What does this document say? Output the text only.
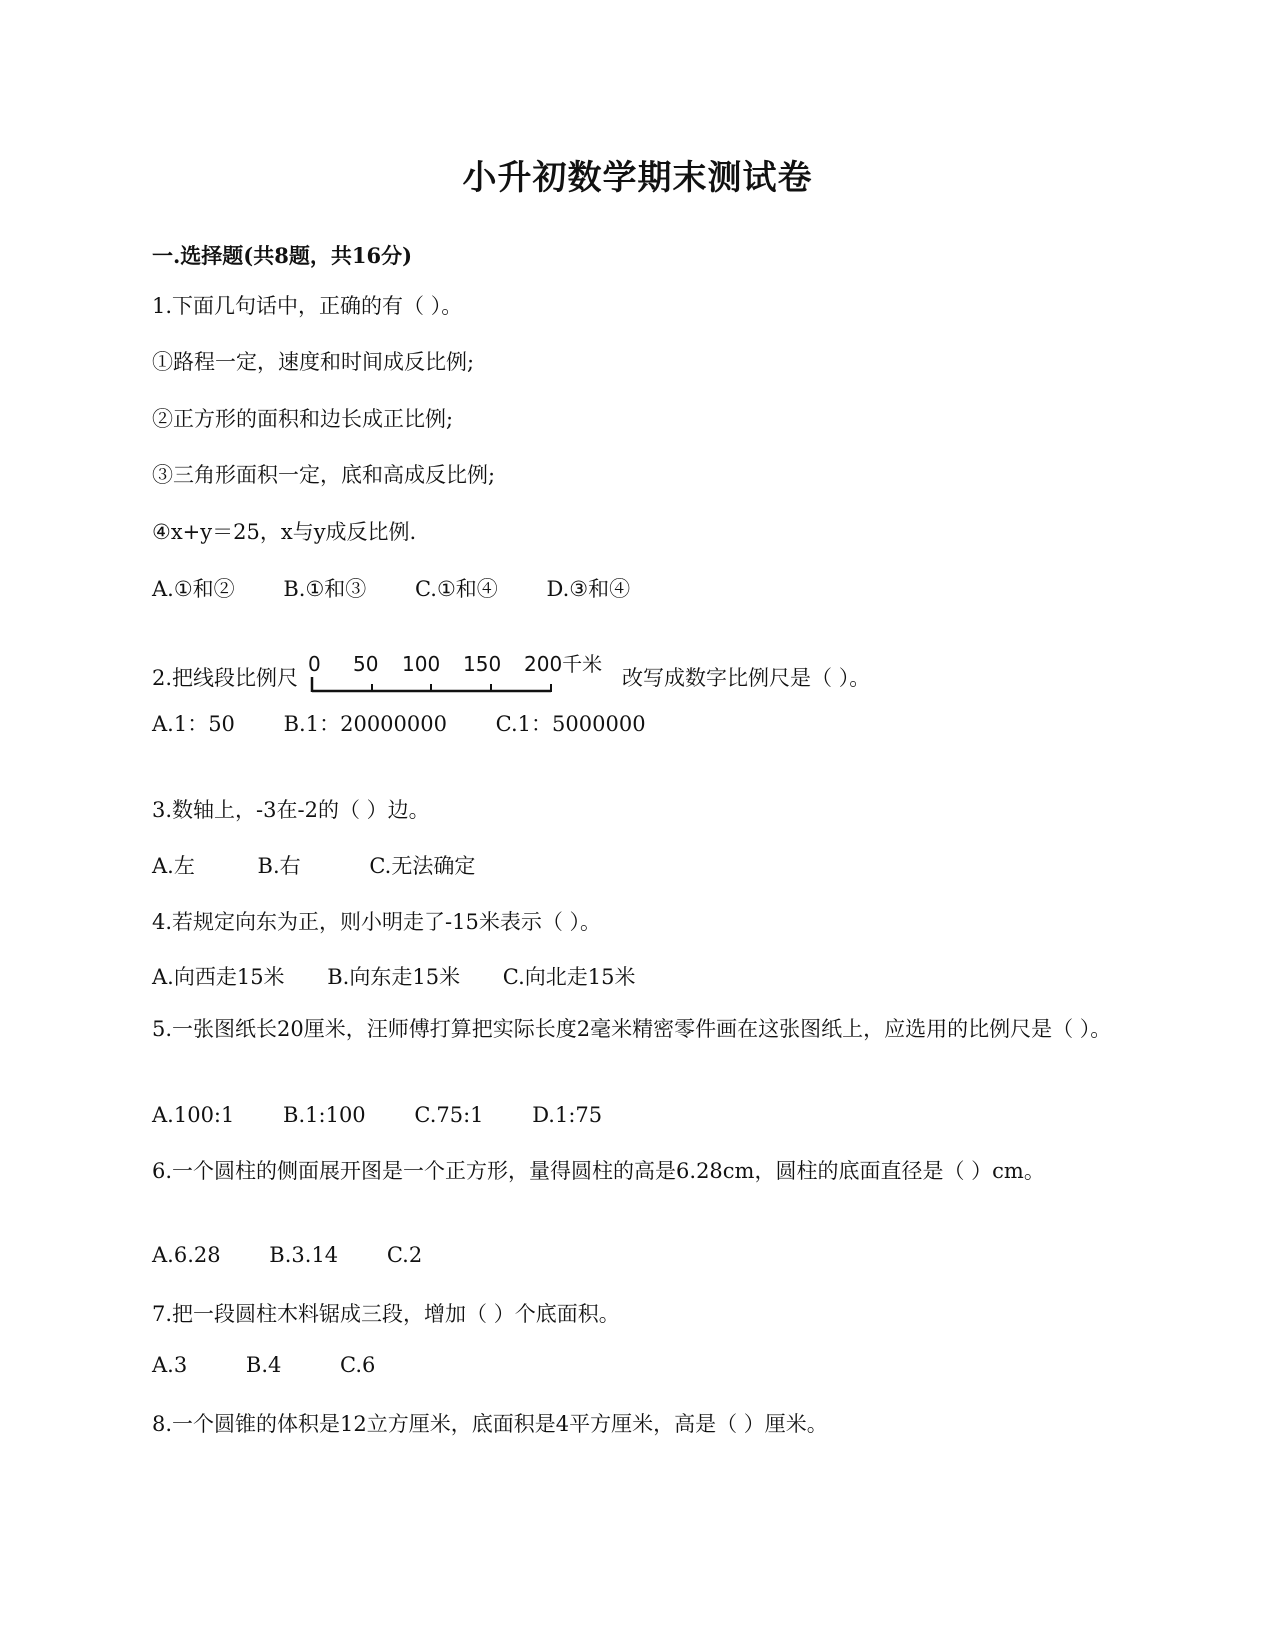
小升初数学期末测试卷
一.选择题(共8题，共16分)
1.下面几句话中，正确的有（ ）。
①路程一定，速度和时间成反比例;
②正方形的面积和边长成正比例;
③三角形面积一定，底和高成反比例;
④x+y＝25，x与y成反比例.
A.①和② B.①和③ C.①和④ D.③和④
2.把线段比例尺
0 50 100 150 200千米
改写成数字比例尺是（ ）。
A.1：50 B.1：20000000 C.1：5000000
3.数轴上，-3在-2的（ ）边。
A.左	B.右	C.无法确定
4.若规定向东为正，则小明走了-15米表示（ ）。
A.向西走15米 B.向东走15米 C.向北走15米
5.一张图纸长20厘米，汪师傅打算把实际长度2毫米精密零件画在这张图纸上，应选用的比例尺是（ ）。
A.100:1 B.1:100 C.75:1 D.1:75
6.一个圆柱的侧面展开图是一个正方形，量得圆柱的高是6.28cm，圆柱的底面直径是（ ）cm。
A.6.28 B.3.14 C.2
7.把一段圆柱木料锯成三段，增加（ ）个底面积。
A.3	B.4	C.6
8.一个圆锥的体积是12立方厘米，底面积是4平方厘米，高是（ ）厘米。
